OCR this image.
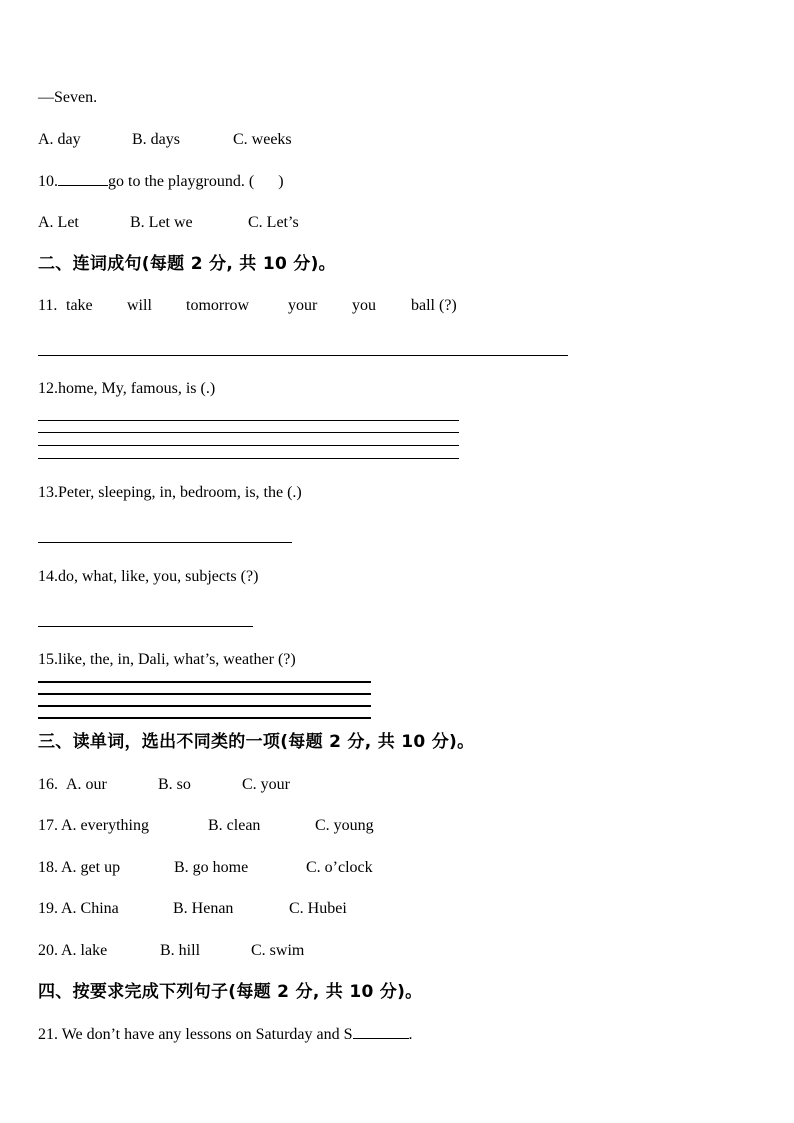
—Seven.
A. day	B. days	C. weeks
10.	go to the playground. (      )
A. Let	B. Let we	C. Let’s
二、连词成句(每题 2 分, 共 10 分)。
11. take will tomorrow your you ball (?)
12.home, My, famous, is (.)
13.Peter, sleeping, in, bedroom, is, the (.)
14.do, what, like, you, subjects (?)
15.like, the, in, Dali, what’s, weather (?)
三、读单词，选出不同类的一项(每题 2 分, 共 10 分)。
16. A. our	B. so	C. your
17. A. everything	B. clean	C. young
18. A. get up	B. go home	C. o’clock
19. A. China	B. Henan	C. Hubei
20. A. lake	B. hill	C. swim
四、按要求完成下列句子(每题 2 分, 共 10 分)。
21. We don’t have any lessons on Saturday and S	.
